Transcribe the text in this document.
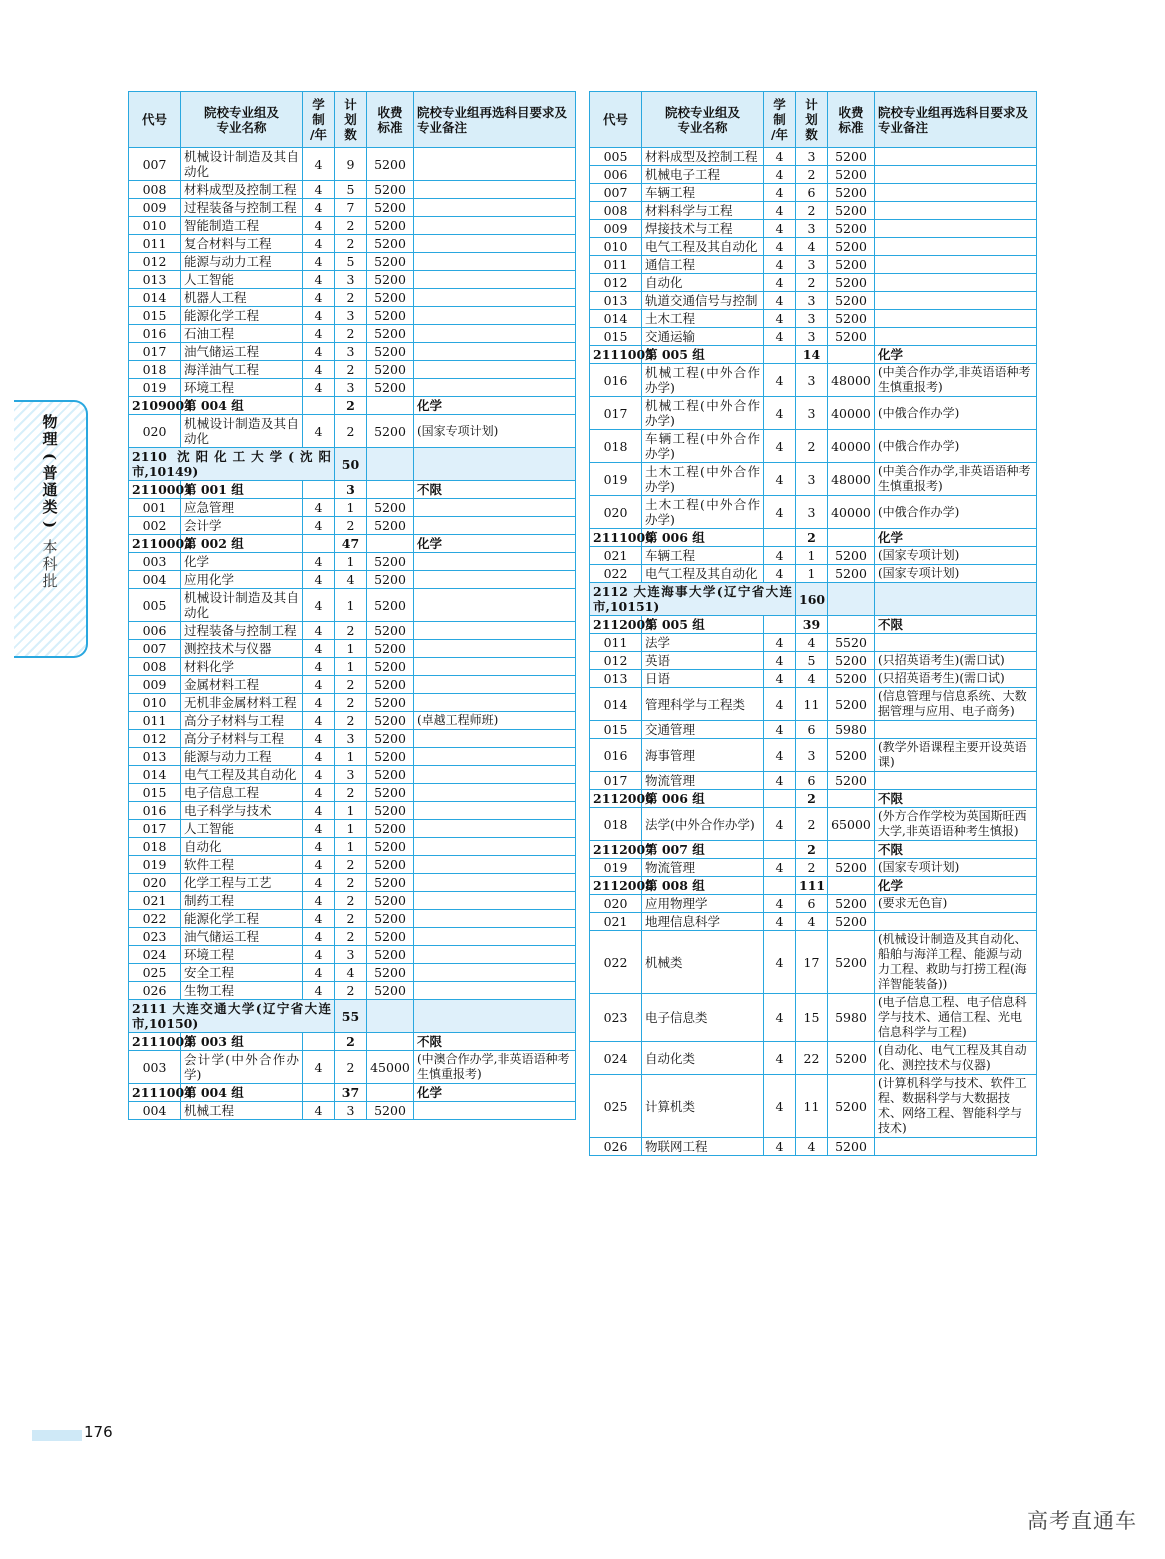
物
理
(
普
通
类
)
本
科
批
代号	院校专业组及
专业名称	学
制
/年	计
划
数	收费
标准	院校专业组再选科目要求及
专业备注
007	机械设计制造及其自动化	4	9	5200	
008	材料成型及控制工程	4	5	5200	
009	过程装备与控制工程	4	7	5200	
010	智能制造工程	4	2	5200	
011	复合材料与工程	4	2	5200	
012	能源与动力工程	4	5	5200	
013	人工智能	4	3	5200	
014	机器人工程	4	2	5200	
015	能源化学工程	4	3	5200	
016	石油工程	4	2	5200	
017	油气储运工程	4	3	5200	
018	海洋油气工程	4	2	5200	
019	环境工程	4	3	5200	
2109004	第 004 组		2		化学
020	机械设计制造及其自动化	4	2	5200	(国家专项计划)
2110 沈阳化工大学(沈阳市,10149)			50		
2110001	第 001 组		3		不限
001	应急管理	4	1	5200	
002	会计学	4	2	5200	
2110002	第 002 组		47		化学
003	化学	4	1	5200	
004	应用化学	4	4	5200	
005	机械设计制造及其自动化	4	1	5200	
006	过程装备与控制工程	4	2	5200	
007	测控技术与仪器	4	1	5200	
008	材料化学	4	1	5200	
009	金属材料工程	4	2	5200	
010	无机非金属材料工程	4	2	5200	
011	高分子材料与工程	4	2	5200	(卓越工程师班)
012	高分子材料与工程	4	3	5200	
013	能源与动力工程	4	1	5200	
014	电气工程及其自动化	4	3	5200	
015	电子信息工程	4	2	5200	
016	电子科学与技术	4	1	5200	
017	人工智能	4	1	5200	
018	自动化	4	1	5200	
019	软件工程	4	2	5200	
020	化学工程与工艺	4	2	5200	
021	制药工程	4	2	5200	
022	能源化学工程	4	2	5200	
023	油气储运工程	4	2	5200	
024	环境工程	4	3	5200	
025	安全工程	4	4	5200	
026	生物工程	4	2	5200	
2111 大连交通大学(辽宁省大连市,10150)			55		
2111003	第 003 组		2		不限
003	会计学(中外合作办学)	4	2	45000	(中澳合作办学,非英语语种考生慎重报考)
2111004	第 004 组		37		化学
004	机械工程	4	3	5200	
代号	院校专业组及
专业名称	学
制
/年	计
划
数	收费
标准	院校专业组再选科目要求及
专业备注
005	材料成型及控制工程	4	3	5200	
006	机械电子工程	4	2	5200	
007	车辆工程	4	6	5200	
008	材料科学与工程	4	2	5200	
009	焊接技术与工程	4	3	5200	
010	电气工程及其自动化	4	4	5200	
011	通信工程	4	3	5200	
012	自动化	4	2	5200	
013	轨道交通信号与控制	4	3	5200	
014	土木工程	4	3	5200	
015	交通运输	4	3	5200	
2111005	第 005 组		14		化学
016	机械工程(中外合作办学)	4	3	48000	(中美合作办学,非英语语种考生慎重报考)
017	机械工程(中外合作办学)	4	3	40000	(中俄合作办学)
018	车辆工程(中外合作办学)	4	2	40000	(中俄合作办学)
019	土木工程(中外合作办学)	4	3	48000	(中美合作办学,非英语语种考生慎重报考)
020	土木工程(中外合作办学)	4	3	40000	(中俄合作办学)
2111006	第 006 组		2		化学
021	车辆工程	4	1	5200	(国家专项计划)
022	电气工程及其自动化	4	1	5200	(国家专项计划)
2112 大连海事大学(辽宁省大连市,10151)			160		
2112005	第 005 组		39		不限
011	法学	4	4	5520	
012	英语	4	5	5200	(只招英语考生)(需口试)
013	日语	4	4	5200	(只招英语考生)(需口试)
014	管理科学与工程类	4	11	5200	(信息管理与信息系统、大数据管理与应用、电子商务)
015	交通管理	4	6	5980	
016	海事管理	4	3	5200	(教学外语课程主要开设英语课)
017	物流管理	4	6	5200	
2112006	第 006 组		2		不限
018	法学(中外合作办学)	4	2	65000	(外方合作学校为英国斯旺西大学,非英语语种考生慎报)
2112007	第 007 组		2		不限
019	物流管理	4	2	5200	(国家专项计划)
2112008	第 008 组		111		化学
020	应用物理学	4	6	5200	(要求无色盲)
021	地理信息科学	4	4	5200	
022	机械类	4	17	5200	(机械设计制造及其自动化、船舶与海洋工程、能源与动力工程、救助与打捞工程(海洋智能装备))
023	电子信息类	4	15	5980	(电子信息工程、电子信息科学与技术、通信工程、光电信息科学与工程)
024	自动化类	4	22	5200	(自动化、电气工程及其自动化、测控技术与仪器)
025	计算机类	4	11	5200	(计算机科学与技术、软件工程、数据科学与大数据技术、网络工程、智能科学与技术)
026	物联网工程	4	4	5200	
176
高考直通车
